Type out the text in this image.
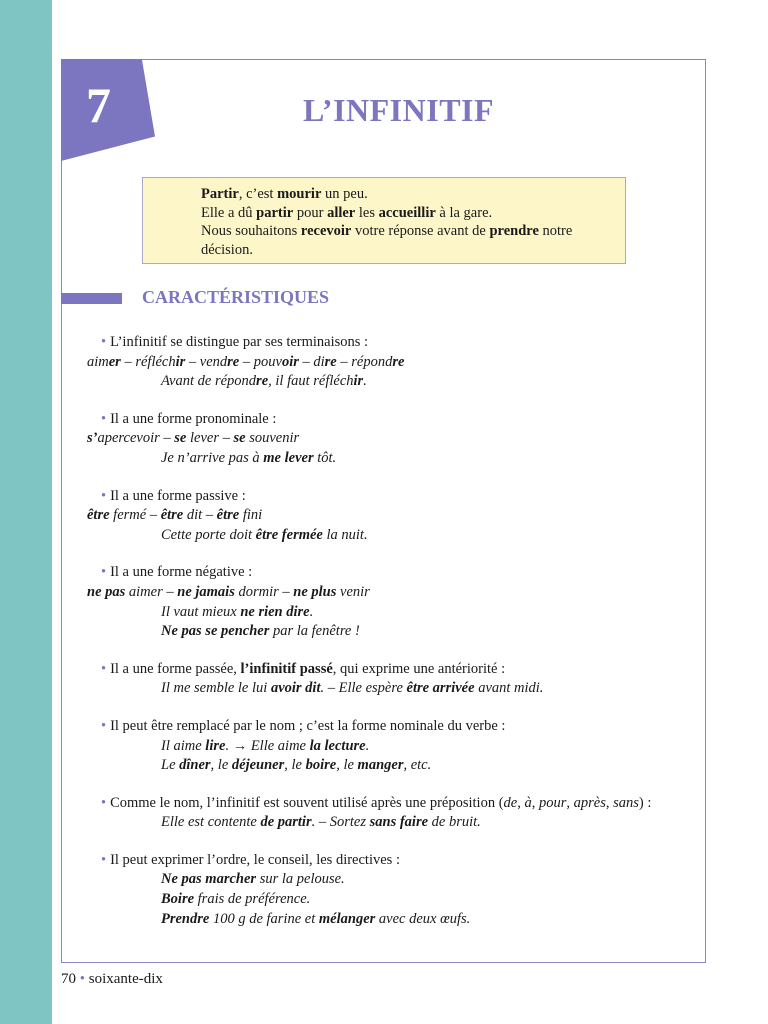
7	L’INFINITIF
Partir, c’est mourir un peu.
Elle a dû partir pour aller les accueillir à la gare.
Nous souhaitons recevoir votre réponse avant de prendre notre
décision.
CARACTÉRISTIQUES
• L’infinitif se distingue par ses terminaisons :
aimer – réfléchir – vendre – pouvoir – dire – répondre
Avant de répondre, il faut réfléchir.
• Il a une forme pronominale :
s’apercevoir – se lever – se souvenir
Je n’arrive pas à me lever tôt.
• Il a une forme passive :
être fermé – être dit – être fini
Cette porte doit être fermée la nuit.
• Il a une forme négative :
ne pas aimer – ne jamais dormir – ne plus venir
Il vaut mieux ne rien dire.
Ne pas se pencher par la fenêtre !
• Il a une forme passée, l’infinitif passé, qui exprime une antériorité :
Il me semble le lui avoir dit. – Elle espère être arrivée avant midi.
• Il peut être remplacé par le nom ; c’est la forme nominale du verbe :
Il aime lire. → Elle aime la lecture.
Le dîner, le déjeuner, le boire, le manger, etc.
• Comme le nom, l’infinitif est souvent utilisé après une préposition (de, à, pour, après, sans) :
Elle est contente de partir. – Sortez sans faire de bruit.
• Il peut exprimer l’ordre, le conseil, les directives :
Ne pas marcher sur la pelouse.
Boire frais de préférence.
Prendre 100 g de farine et mélanger avec deux œufs.
70 • soixante-dix
